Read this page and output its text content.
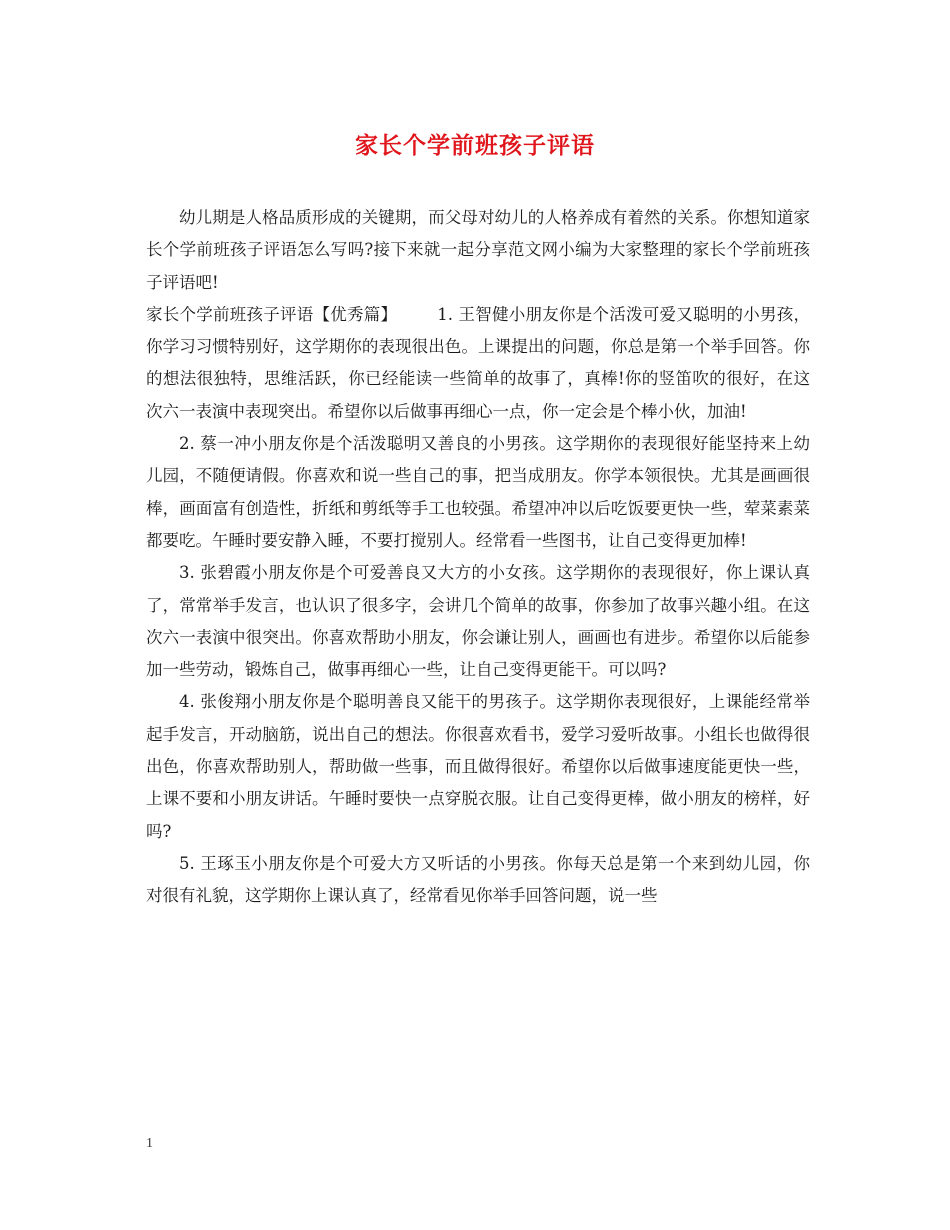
家长个学前班孩子评语

幼儿期是人格品质形成的关键期，而父母对幼儿的人格养成有着然的关系。你想知道家长个学前班孩子评语怎么写吗?接下来就一起分享范文网小编为大家整理的家长个学前班孩子评语吧!

家长个学前班孩子评语【优秀篇】 1. 王智健小朋友你是个活泼可爱又聪明的小男孩，你学习习惯特别好，这学期你的表现很出色。上课提出的问题，你总是第一个举手回答。你的想法很独特，思维活跃，你已经能读一些简单的故事了，真棒!你的竖笛吹的很好，在这次六一表演中表现突出。希望你以后做事再细心一点，你一定会是个棒小伙，加油!

2. 蔡一冲小朋友你是个活泼聪明又善良的小男孩。这学期你的表现很好能坚持来上幼儿园，不随便请假。你喜欢和说一些自己的事，把当成朋友。你学本领很快。尤其是画画很棒，画面富有创造性，折纸和剪纸等手工也较强。希望冲冲以后吃饭要更快一些，荤菜素菜都要吃。午睡时要安静入睡，不要打搅别人。经常看一些图书，让自己变得更加棒!

3. 张碧霞小朋友你是个可爱善良又大方的小女孩。这学期你的表现很好，你上课认真了，常常举手发言，也认识了很多字，会讲几个简单的故事，你参加了故事兴趣小组。在这次六一表演中很突出。你喜欢帮助小朋友，你会谦让别人，画画也有进步。希望你以后能参加一些劳动，锻炼自己，做事再细心一些，让自己变得更能干。可以吗?

4. 张俊翔小朋友你是个聪明善良又能干的男孩子。这学期你表现很好，上课能经常举起手发言，开动脑筋，说出自己的想法。你很喜欢看书，爱学习爱听故事。小组长也做得很出色，你喜欢帮助别人，帮助做一些事，而且做得很好。希望你以后做事速度能更快一些，上课不要和小朋友讲话。午睡时要快一点穿脱衣服。让自己变得更棒，做小朋友的榜样，好吗?

5. 王琢玉小朋友你是个可爱大方又听话的小男孩。你每天总是第一个来到幼儿园，你对很有礼貌，这学期你上课认真了，经常看见你举手回答问题，说一些

1
